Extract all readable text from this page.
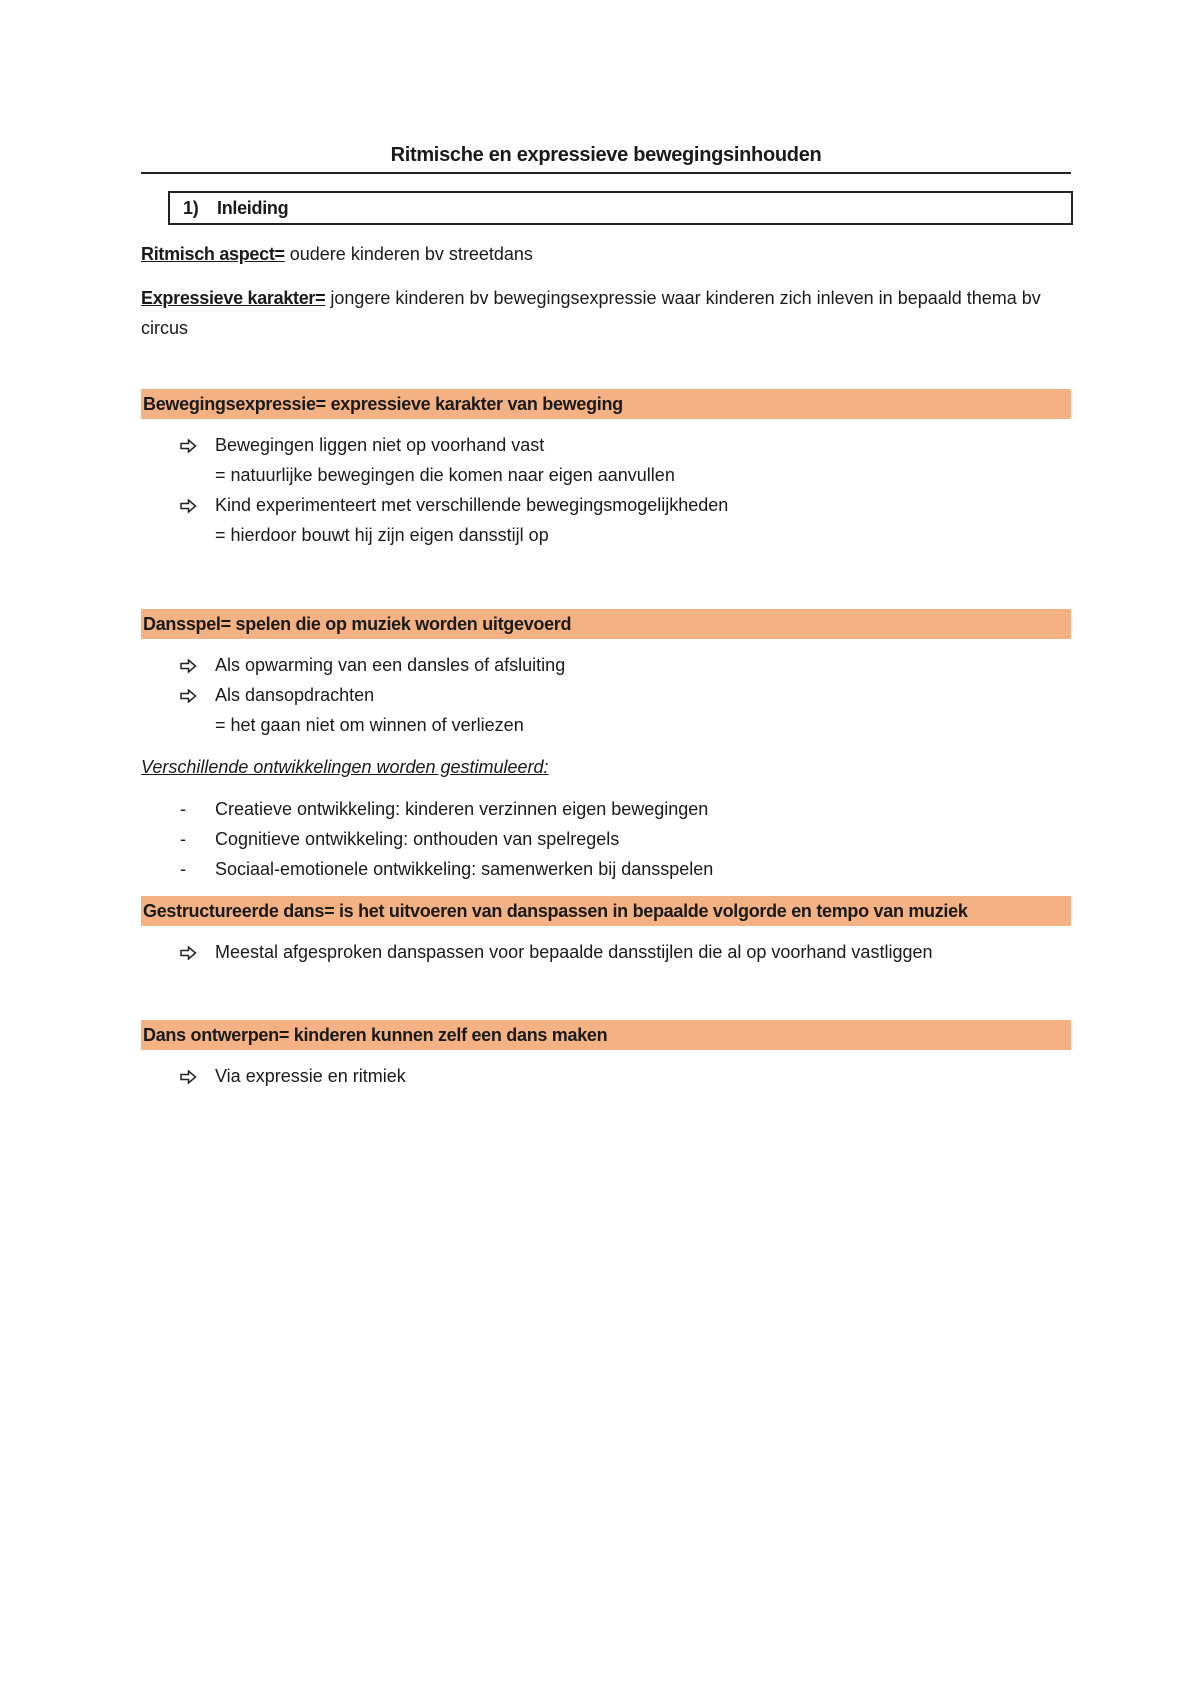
Ritmische en expressieve bewegingsinhouden
1)	Inleiding

Ritmisch aspect= oudere kinderen bv streetdans

Expressieve karakter= jongere kinderen bv bewegingsexpressie waar kinderen zich inleven in bepaald thema bv circus

Bewegingsexpressie= expressieve karakter van beweging
Bewegingen liggen niet op voorhand vast
= natuurlijke bewegingen die komen naar eigen aanvullen
Kind experimenteert met verschillende bewegingsmogelijkheden
= hierdoor bouwt hij zijn eigen dansstijl op
Dansspel= spelen die op muziek worden uitgevoerd
Als opwarming van een dansles of afsluiting
Als dansopdrachten
= het gaan niet om winnen of verliezen
Verschillende ontwikkelingen worden gestimuleerd:
-	Creatieve ontwikkeling: kinderen verzinnen eigen bewegingen
-	Cognitieve ontwikkeling: onthouden van spelregels
-	Sociaal-emotionele ontwikkeling: samenwerken bij dansspelen
Gestructureerde dans= is het uitvoeren van danspassen in bepaalde volgorde en tempo van muziek
Meestal afgesproken danspassen voor bepaalde dansstijlen die al op voorhand vastliggen
Dans ontwerpen= kinderen kunnen zelf een dans maken
Via expressie en ritmiek
